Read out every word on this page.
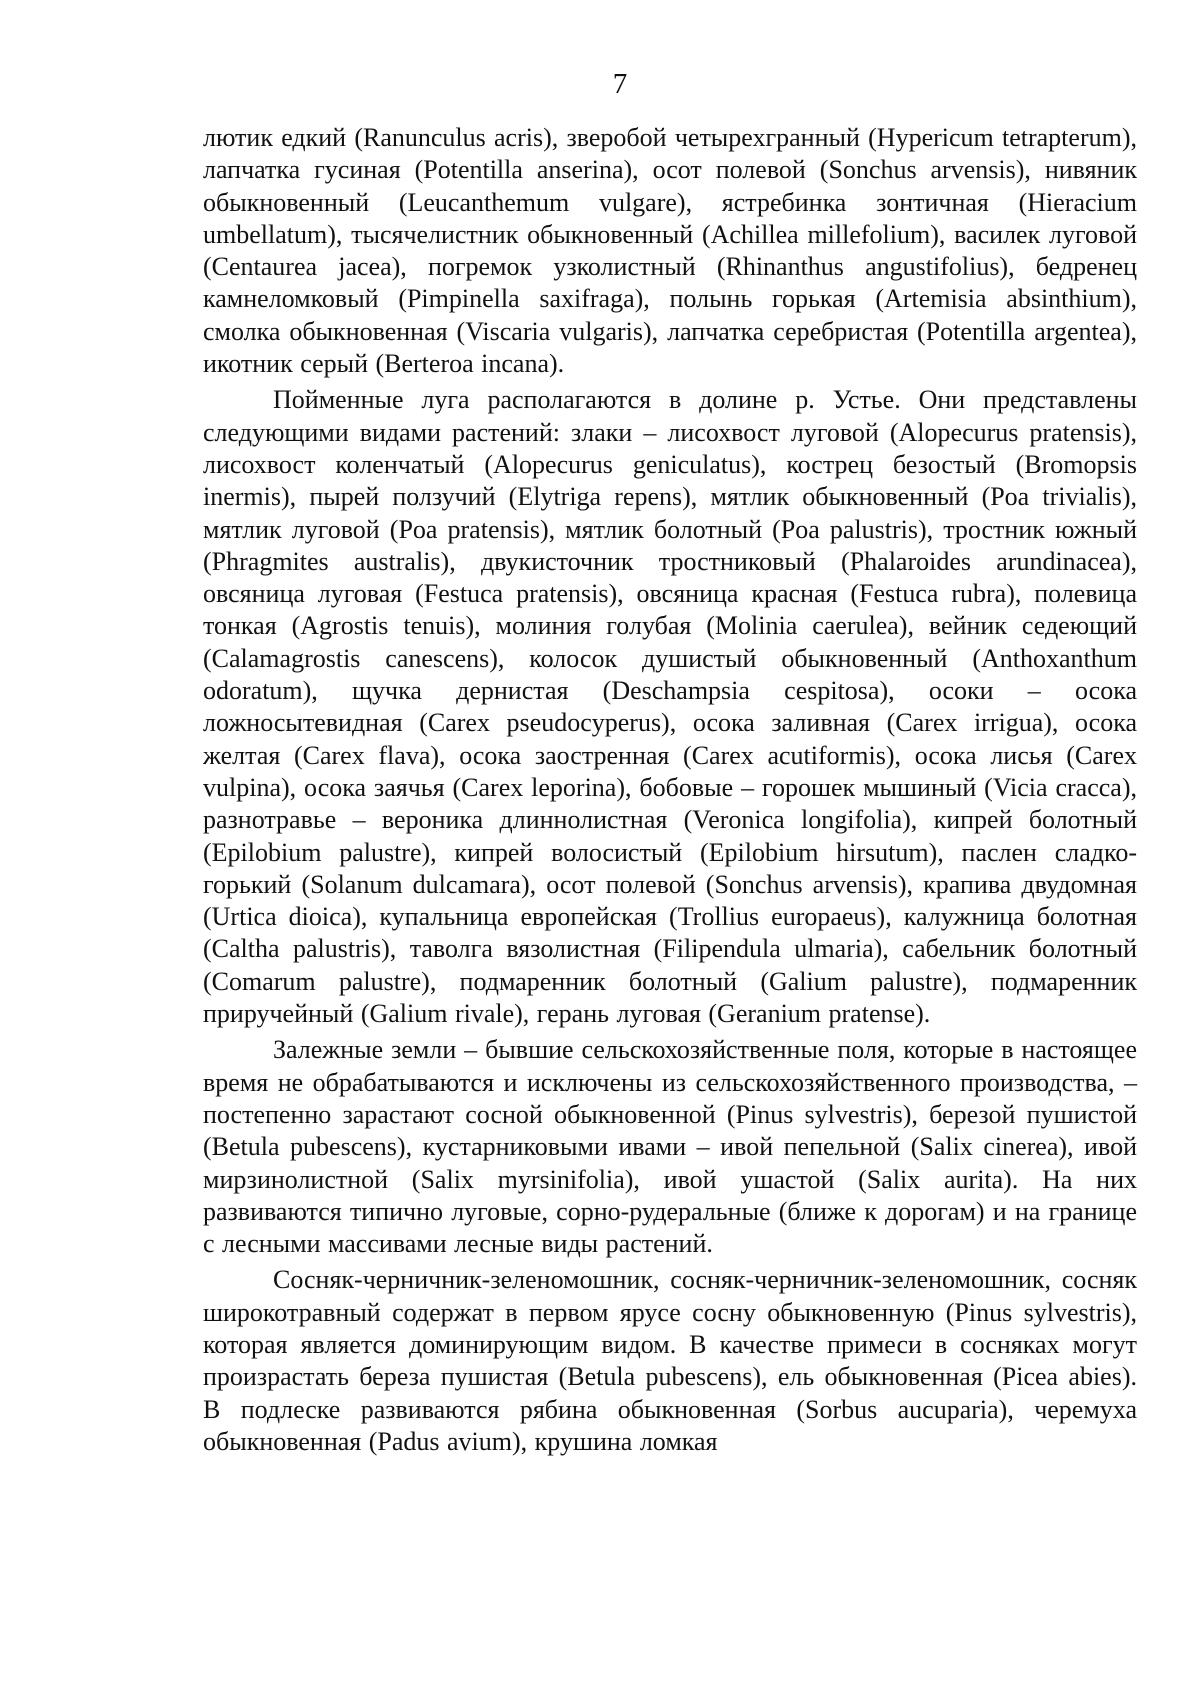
7

лютик едкий (Ranunculus acris), зверобой четырехгранный (Hypericum tetrapterum), лапчатка гусиная (Potentilla anserina), осот полевой (Sonchus arvensis), нивяник обыкновенный (Leucanthemum vulgare), ястребинка зонтичная (Hieracium umbellatum), тысячелистник обыкновенный (Achillea millefolium), василек луговой (Centaurea jacea), погремок узколистный (Rhinanthus angustifolius), бедренец камнеломковый (Pimpinella saxifraga), полынь горькая (Artemisia absinthium), смолка обыкновенная (Viscaria vulgaris), лапчатка серебристая (Potentilla argentea), икотник серый (Berteroa incana).

Пойменные луга располагаются в долине р. Устье. Они представлены следующими видами растений: злаки – лисохвост луговой (Alopecurus pratensis), лисохвост коленчатый (Alopecurus geniculatus), кострец безостый (Bromopsis inermis), пырей ползучий (Elytriga repens), мятлик обыкновенный (Poa trivialis), мятлик луговой (Poa pratensis), мятлик болотный (Poa palustris), тростник южный (Phragmites australis), двукисточник тростниковый (Phalaroides arundinacea), овсяница луговая (Festuca pratensis), овсяница красная (Festuca rubra), полевица тонкая (Agrostis tenuis), молиния голубая (Molinia caerulea), вейник седеющий (Calamagrostis canescens), колосок душистый обыкновенный (Anthoxanthum odoratum), щучка дернистая (Deschampsia cespitosa), осоки – осока ложносытевидная (Carex pseudocyperus), осока заливная (Carex irrigua), осока желтая (Carex flava), осока заостренная (Carex acutiformis), осока лисья (Carex vulpina), осока заячья (Carex leporina), бобовые – горошек мышиный (Vicia cracca), разнотравье – вероника длиннолистная (Veronica longifolia), кипрей болотный (Epilobium palustre), кипрей волосистый (Epilobium hirsutum), паслен сладко-горький (Solanum dulcamara), осот полевой (Sonchus arvensis), крапива двудомная (Urtica dioica), купальница европейская (Trollius europaeus), калужница болотная (Caltha palustris), таволга вязолистная (Filipendula ulmaria), сабельник болотный (Comarum palustre), подмаренник болотный (Galium palustre), подмаренник приручейный (Galium rivale), герань луговая (Geranium pratense).

Залежные земли – бывшие сельскохозяйственные поля, которые в настоящее время не обрабатываются и исключены из сельскохозяйственного производства, – постепенно зарастают сосной обыкновенной (Pinus sylvestris), березой пушистой (Betula pubescens), кустарниковыми ивами – ивой пепельной (Salix cinerea), ивой мирзинолистной (Salix myrsinifolia), ивой ушастой (Salix aurita). На них развиваются типично луговые, сорно-рудеральные (ближе к дорогам) и на границе с лесными массивами лесные виды растений.

Сосняк-черничник-зеленомошник, сосняк-черничник-зеленомошник, сосняк широкотравный содержат в первом ярусе сосну обыкновенную (Pinus sylvestris), которая является доминирующим видом. В качестве примеси в сосняках могут произрастать береза пушистая (Betula pubescens), ель обыкновенная (Picea abies). В подлеске развиваются рябина обыкновенная (Sorbus aucuparia), черемуха обыкновенная (Padus avium), крушина ломкая
